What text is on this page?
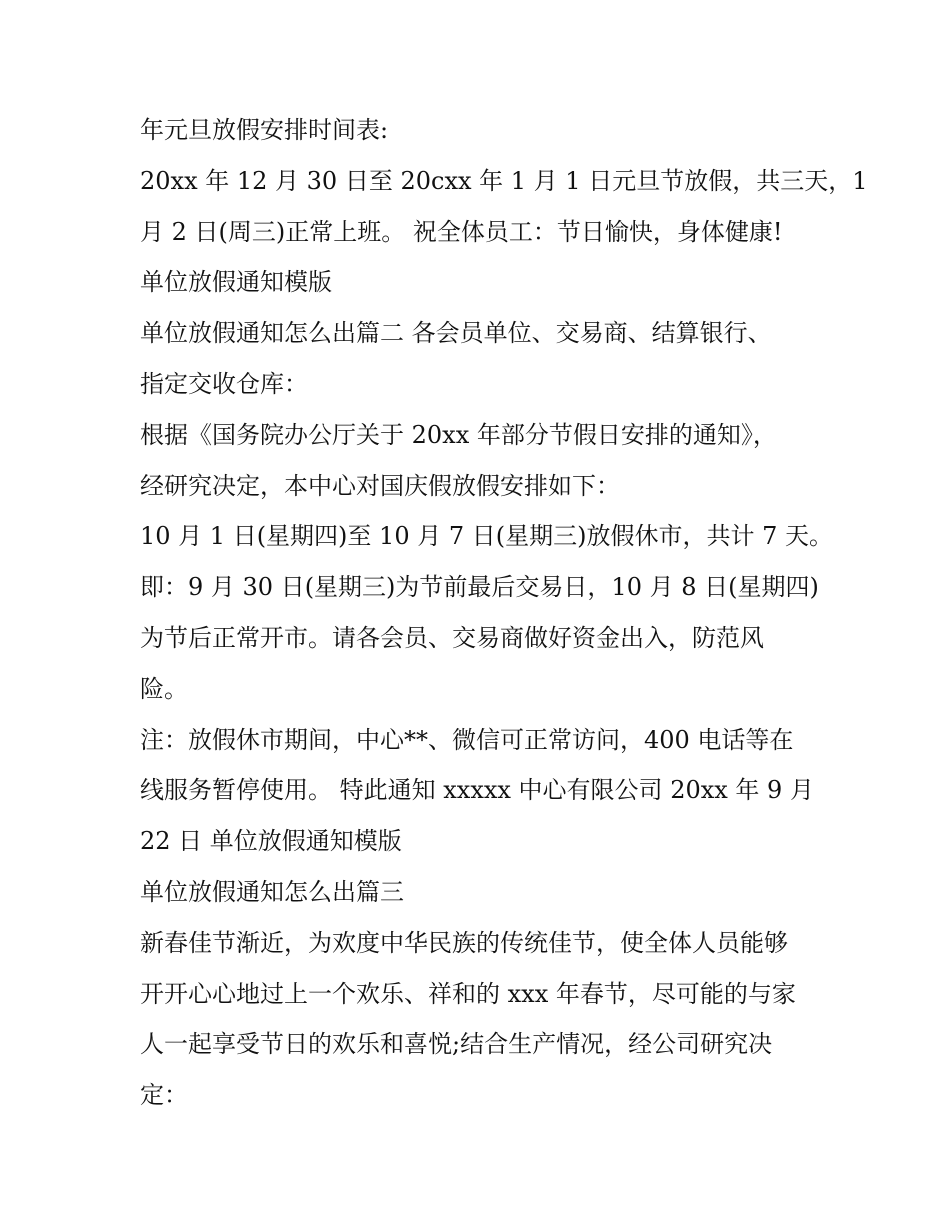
年元旦放假安排时间表:
20xx 年 12 月 30 日至 20cxx 年 1 月 1 日元旦节放假，共三天，1
月 2 日(周三)正常上班。 祝全体员工：节日愉快，身体健康!
单位放假通知模版
单位放假通知怎么出篇二 各会员单位、交易商、结算银行、
指定交收仓库：
根据《国务院办公厅关于 20xx 年部分节假日安排的通知》，
经研究决定，本中心对国庆假放假安排如下：
10 月 1 日(星期四)至 10 月 7 日(星期三)放假休市，共计 7 天。
即：9 月 30 日(星期三)为节前最后交易日，10 月 8 日(星期四)
为节后正常开市。请各会员、交易商做好资金出入，防范风
险。
注：放假休市期间，中心**、微信可正常访问，400 电话等在
线服务暂停使用。 特此通知 xxxxx 中心有限公司 20xx 年 9 月
22 日 单位放假通知模版
单位放假通知怎么出篇三
新春佳节渐近，为欢度中华民族的传统佳节，使全体人员能够
开开心心地过上一个欢乐、祥和的 xxx 年春节，尽可能的与家
人一起享受节日的欢乐和喜悦;结合生产情况，经公司研究决
定：
